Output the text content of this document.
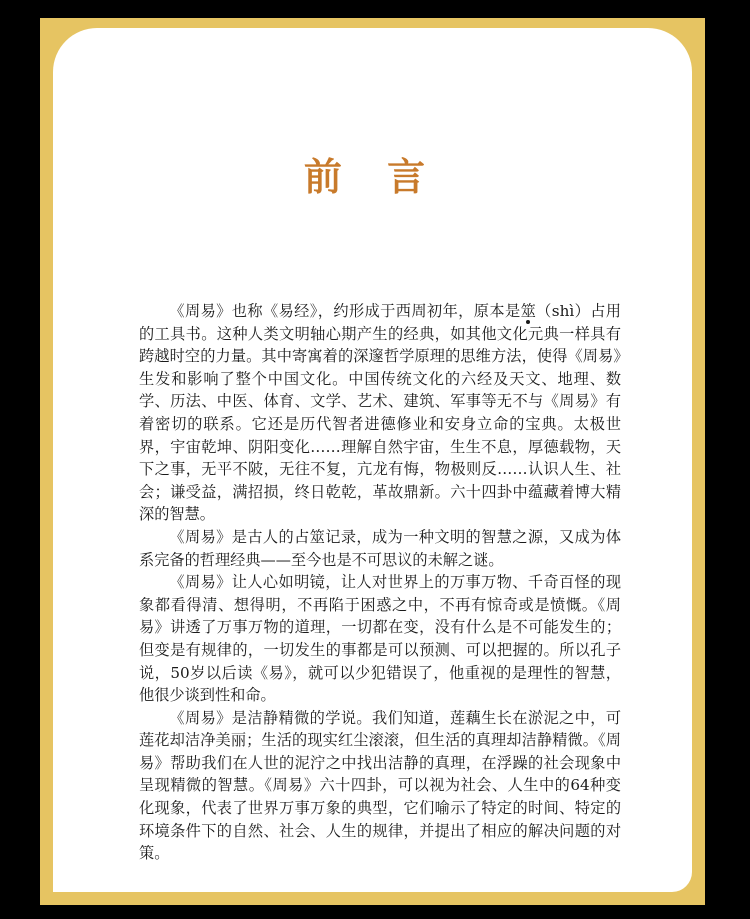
前 言

《周易》也称《易经》，约形成于西周初年，原本是筮（shì）占用的工具书。这种人类文明轴心期产生的经典，如其他文化元典一样具有跨越时空的力量。其中寄寓着的深邃哲学原理的思维方法，使得《周易》生发和影响了整个中国文化。中国传统文化的六经及天文、地理、数学、历法、中医、体育、文学、艺术、建筑、军事等无不与《周易》有着密切的联系。它还是历代智者进德修业和安身立命的宝典。太极世界，宇宙乾坤、阴阳变化……理解自然宇宙，生生不息，厚德载物，天下之事，无平不陂，无往不复，亢龙有悔，物极则反……认识人生、社会；谦受益，满招损，终日乾乾，革故鼎新。六十四卦中蕴藏着博大精深的智慧。

《周易》是古人的占筮记录，成为一种文明的智慧之源，又成为体系完备的哲理经典——至今也是不可思议的未解之谜。

《周易》让人心如明镜，让人对世界上的万事万物、千奇百怪的现象都看得清、想得明，不再陷于困惑之中，不再有惊奇或是愤慨。《周易》讲透了万事万物的道理，一切都在变，没有什么是不可能发生的；但变是有规律的，一切发生的事都是可以预测、可以把握的。所以孔子说，50岁以后读《易》，就可以少犯错误了，他重视的是理性的智慧，他很少谈到性和命。

《周易》是洁静精微的学说。我们知道，莲藕生长在淤泥之中，可莲花却洁净美丽；生活的现实红尘滚滚，但生活的真理却洁静精微。《周易》帮助我们在人世的泥泞之中找出洁静的真理，在浮躁的社会现象中呈现精微的智慧。《周易》六十四卦，可以视为社会、人生中的64种变化现象，代表了世界万事万象的典型，它们喻示了特定的时间、特定的环境条件下的自然、社会、人生的规律，并提出了相应的解决问题的对策。
